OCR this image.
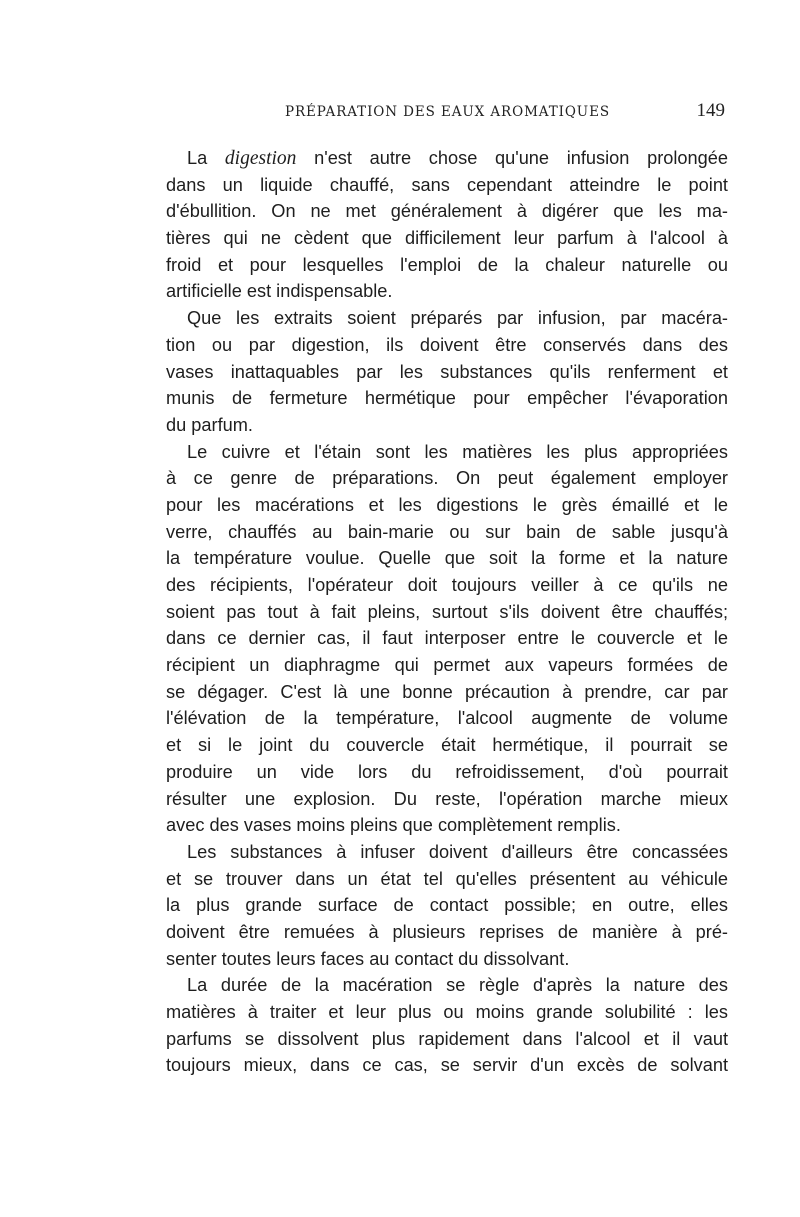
PRÉPARATION DES EAUX AROMATIQUES	149
La digestion n'est autre chose qu'une infusion prolongée
dans un liquide chauffé, sans cependant atteindre le point
d'ébullition. On ne met généralement à digérer que les ma-
tières qui ne cèdent que difficilement leur parfum à l'alcool à
froid et pour lesquelles l'emploi de la chaleur naturelle ou
artificielle est indispensable.
Que les extraits soient préparés par infusion, par macéra-
tion ou par digestion, ils doivent être conservés dans des
vases inattaquables par les substances qu'ils renferment et
munis de fermeture hermétique pour empêcher l'évaporation
du parfum.
Le cuivre et l'étain sont les matières les plus appropriées
à ce genre de préparations. On peut également employer
pour les macérations et les digestions le grès émaillé et le
verre, chauffés au bain-marie ou sur bain de sable jusqu'à
la température voulue. Quelle que soit la forme et la nature
des récipients, l'opérateur doit toujours veiller à ce qu'ils ne
soient pas tout à fait pleins, surtout s'ils doivent être chauffés;
dans ce dernier cas, il faut interposer entre le couvercle et le
récipient un diaphragme qui permet aux vapeurs formées de
se dégager. C'est là une bonne précaution à prendre, car par
l'élévation de la température, l'alcool augmente de volume
et si le joint du couvercle était hermétique, il pourrait se
produire un vide lors du refroidissement, d'où pourrait
résulter une explosion. Du reste, l'opération marche mieux
avec des vases moins pleins que complètement remplis.
Les substances à infuser doivent d'ailleurs être concassées
et se trouver dans un état tel qu'elles présentent au véhicule
la plus grande surface de contact possible; en outre, elles
doivent être remuées à plusieurs reprises de manière à pré-
senter toutes leurs faces au contact du dissolvant.
La durée de la macération se règle d'après la nature des
matières à traiter et leur plus ou moins grande solubilité : les
parfums se dissolvent plus rapidement dans l'alcool et il vaut
toujours mieux, dans ce cas, se servir d'un excès de solvant
